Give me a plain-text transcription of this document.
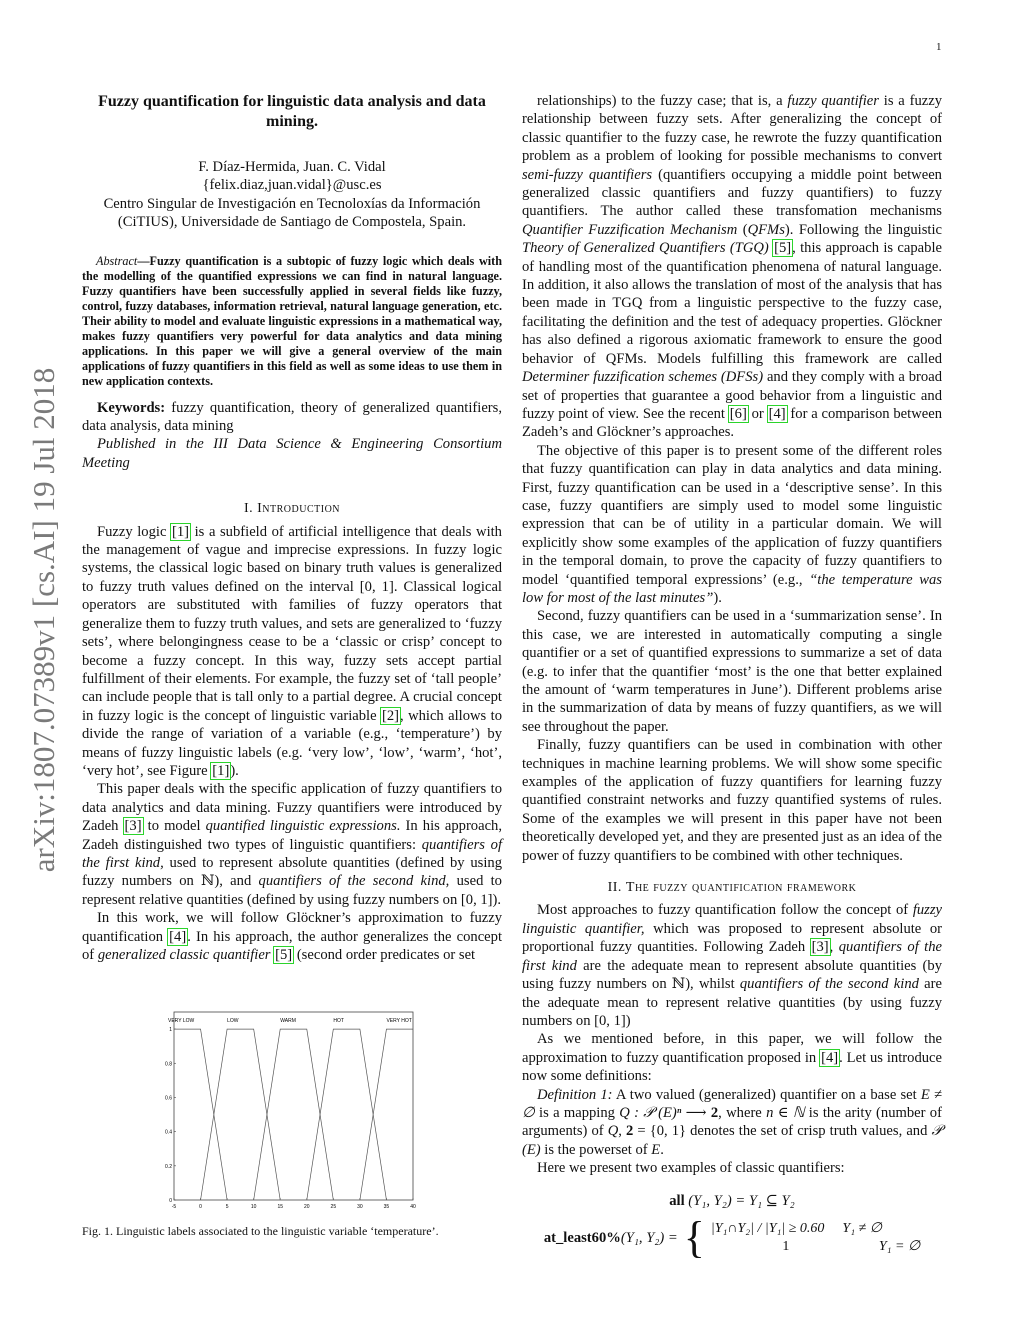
1
arXiv:1807.07389v1 [cs.AI] 19 Jul 2018
Fuzzy quantification for linguistic data analysis and data mining.
F. Díaz-Hermida, Juan. C. Vidal
{felix.diaz,juan.vidal}@usc.es
Centro Singular de Investigación en Tecnoloxías da Información
(CiTIUS), Universidade de Santiago de Compostela, Spain.
Abstract—Fuzzy quantification is a subtopic of fuzzy logic which deals with the modelling of the quantified expressions we can find in natural language. Fuzzy quantifiers have been successfully applied in several fields like fuzzy, control, fuzzy databases, information retrieval, natural language generation, etc. Their ability to model and evaluate linguistic expressions in a mathematical way, makes fuzzy quantifiers very powerful for data analytics and data mining applications. In this paper we will give a general overview of the main applications of fuzzy quantifiers in this field as well as some ideas to use them in new application contexts.

Keywords: fuzzy quantification, theory of generalized quantifiers, data analysis, data mining

Published in the III Data Science & Engineering Consortium Meeting

I. Introduction

Fuzzy logic [1] is a subfield of artificial intelligence that deals with the management of vague and imprecise expressions. In fuzzy logic systems, the classical logic based on binary truth values is generalized to fuzzy truth values defined on the interval [0, 1]. Classical logical operators are substituted with families of fuzzy operators that generalize them to fuzzy truth values, and sets are generalized to ‘fuzzy sets’, where belongingness cease to be a ‘classic or crisp’ concept to become a fuzzy concept. In this way, fuzzy sets accept partial fulfillment of their elements. For example, the fuzzy set of ‘tall people’ can include people that is tall only to a partial degree. A crucial concept in fuzzy logic is the concept of linguistic variable [2], which allows to divide the range of variation of a variable (e.g., ‘temperature’) by means of fuzzy linguistic labels (e.g. ‘very low’, ‘low’, ‘warm’, ‘hot’, ‘very hot’, see Figure [1]).

This paper deals with the specific application of fuzzy quantifiers to data analytics and data mining. Fuzzy quantifiers were introduced by Zadeh [3] to model quantified linguistic expressions. In his approach, Zadeh distinguished two types of linguistic quantifiers: quantifiers of the first kind, used to represent absolute quantities (defined by using fuzzy numbers on ℕ), and quantifiers of the second kind, used to represent relative quantities (defined by using fuzzy numbers on [0, 1]).

In this work, we will follow Glöckner’s approximation to fuzzy quantification [4]. In his approach, the author generalizes the concept of generalized classic quantifier [5] (second order predicates or set

relationships) to the fuzzy case; that is, a fuzzy quantifier is a fuzzy relationship between fuzzy sets. After generalizing the concept of classic quantifier to the fuzzy case, he rewrote the fuzzy quantification problem as a problem of looking for possible mechanisms to convert semi-fuzzy quantifiers (quantifiers occupying a middle point between generalized classic quantifiers and fuzzy quantifiers) to fuzzy quantifiers. The author called these transfomation mechanisms Quantifier Fuzzification Mechanism (QFMs). Following the linguistic Theory of Generalized Quantifiers (TGQ) [5], this approach is capable of handling most of the quantification phenomena of natural language. In addition, it also allows the translation of most of the analysis that has been made in TGQ from a linguistic perspective to the fuzzy case, facilitating the definition and the test of adequacy properties. Glöckner has also defined a rigorous axiomatic framework to ensure the good behavior of QFMs. Models fulfilling this framework are called Determiner fuzzification schemes (DFSs) and they comply with a broad set of properties that guarantee a good behavior from a linguistic and fuzzy point of view. See the recent [6] or [4] for a comparison between Zadeh’s and Glöckner’s approaches.

The objective of this paper is to present some of the different roles that fuzzy quantification can play in data analytics and data mining. First, fuzzy quantification can be used in a ‘descriptive sense’. In this case, fuzzy quantifiers are simply used to model some linguistic expression that can be of utility in a particular domain. We will explicitly show some examples of the application of fuzzy quantifiers in the temporal domain, to prove the capacity of fuzzy quantifiers to model ‘quantified temporal expressions’ (e.g., “the temperature was low for most of the last minutes”).

Second, fuzzy quantifiers can be used in a ‘summarization sense’. In this case, we are interested in automatically computing a single quantifier or a set of quantified expressions to summarize a set of data (e.g. to infer that the quantifier ‘most’ is the one that better explained the amount of ‘warm temperatures in June’). Different problems arise in the summarization of data by means of fuzzy quantifiers, as we will see throughout the paper.

Finally, fuzzy quantifiers can be used in combination with other techniques in machine learning problems. We will show some specific examples of the application of fuzzy quantifiers for learning fuzzy quantified constraint networks and fuzzy quantified systems of rules. Some of the examples we will present in this paper have not been theoretically developed yet, and they are presented just as an idea of the power of fuzzy quantifiers to be combined with other techniques.

II. The fuzzy quantification framework

Most approaches to fuzzy quantification follow the concept of fuzzy linguistic quantifier, which was proposed to represent absolute or proportional fuzzy quantities. Following Zadeh [3], quantifiers of the first kind are the adequate mean to represent absolute quantities (by using fuzzy numbers on ℕ), whilst quantifiers of the second kind are the adequate mean to represent relative quantities (by using fuzzy numbers on [0, 1])

As we mentioned before, in this paper, we will follow the approximation to fuzzy quantification proposed in [4]. Let us introduce now some definitions:

Definition 1: A two valued (generalized) quantifier on a base set E ≠ ∅ is a mapping Q : 𝒫 (E)ⁿ ⟶ 2, where n ∈ ℕ is the arity (number of arguments) of Q, 2 = {0, 1} denotes the set of crisp truth values, and 𝒫 (E) is the powerset of E.

Here we present two examples of classic quantifiers:

all (Y₁, Y₂) = Y₁ ⊆ Y₂
at_least60% (Y₁, Y₂) = { |Y₁∩Y₂| / |Y₁| ≥ 0.60 Y₁ ≠ ∅
1	Y₁ = ∅
-5	0	5	10	15	20	25	30	35	40
0
0.2
0.4
0.6
0.8
1
VERY LOW	LOW	WARM	HOT	VERY HOT
Fig. 1. Linguistic labels associated to the linguistic variable ‘temperature’.
